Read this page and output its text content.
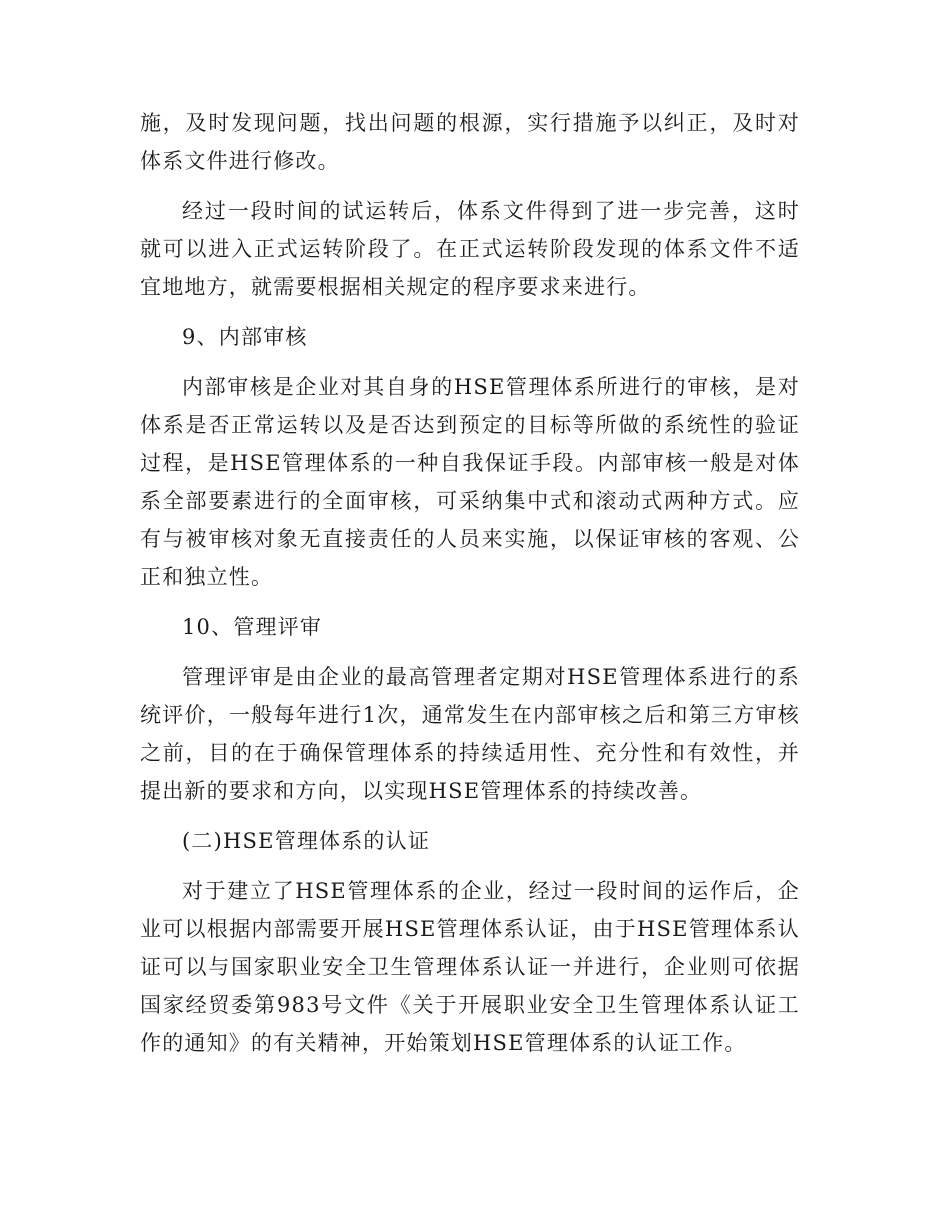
施，及时发现问题，找出问题的根源，实行措施予以纠正，及时对体系文件进行修改。

经过一段时间的试运转后，体系文件得到了进一步完善，这时就可以进入正式运转阶段了。在正式运转阶段发现的体系文件不适宜地地方，就需要根据相关规定的程序要求来进行。

9、内部审核

内部审核是企业对其自身的HSE管理体系所进行的审核，是对体系是否正常运转以及是否达到预定的目标等所做的系统性的验证过程，是HSE管理体系的一种自我保证手段。内部审核一般是对体系全部要素进行的全面审核，可采纳集中式和滚动式两种方式。应有与被审核对象无直接责任的人员来实施，以保证审核的客观、公正和独立性。

10、管理评审

管理评审是由企业的最高管理者定期对HSE管理体系进行的系统评价，一般每年进行1次，通常发生在内部审核之后和第三方审核之前，目的在于确保管理体系的持续适用性、充分性和有效性，并提出新的要求和方向，以实现HSE管理体系的持续改善。

(二)HSE管理体系的认证

对于建立了HSE管理体系的企业，经过一段时间的运作后，企业可以根据内部需要开展HSE管理体系认证，由于HSE管理体系认证可以与国家职业安全卫生管理体系认证一并进行，企业则可依据国家经贸委第983号文件《关于开展职业安全卫生管理体系认证工作的通知》的有关精神，开始策划HSE管理体系的认证工作。
